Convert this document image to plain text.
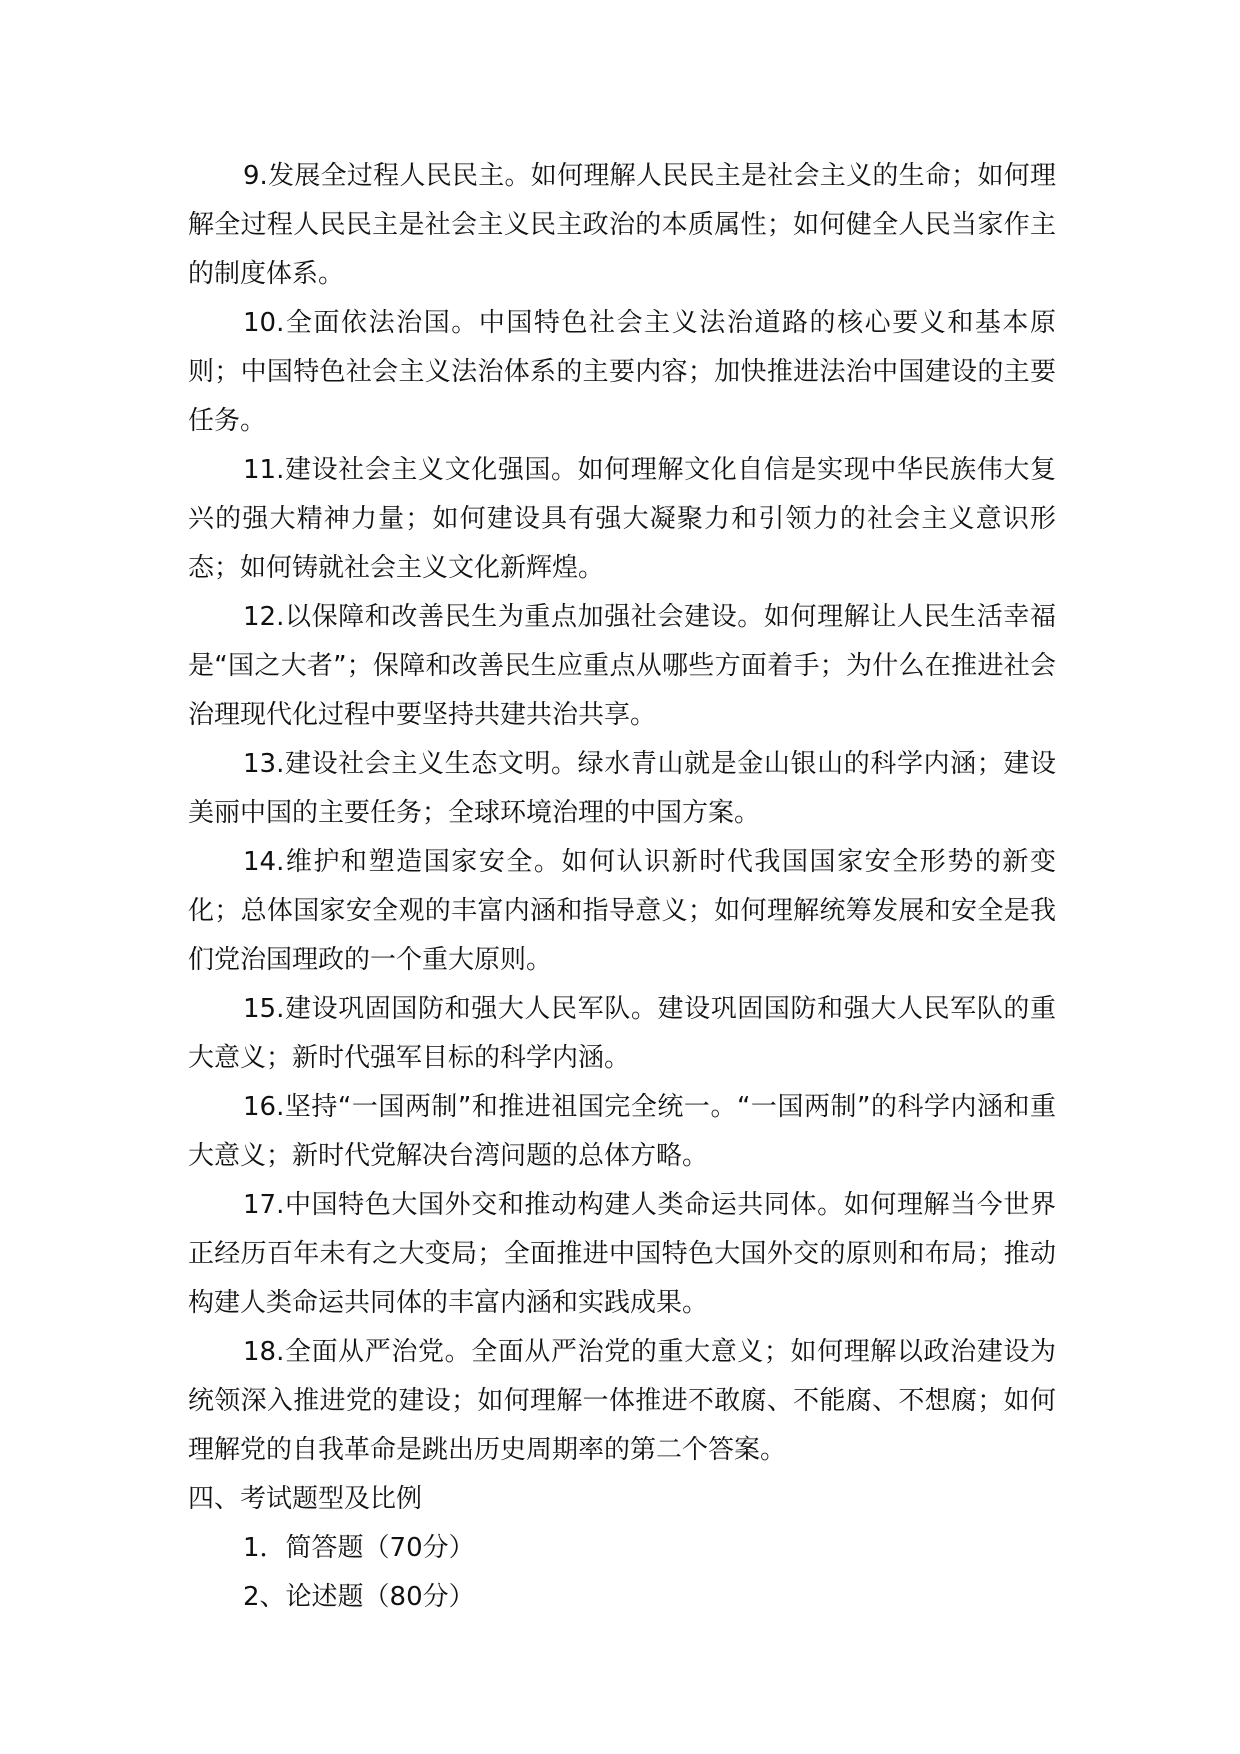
9.发展全过程人民民主。如何理解人民民主是社会主义的生命；如何理解全过程人民民主是社会主义民主政治的本质属性；如何健全人民当家作主的制度体系。

10.全面依法治国。中国特色社会主义法治道路的核心要义和基本原则；中国特色社会主义法治体系的主要内容；加快推进法治中国建设的主要任务。

11.建设社会主义文化强国。如何理解文化自信是实现中华民族伟大复兴的强大精神力量；如何建设具有强大凝聚力和引领力的社会主义意识形态；如何铸就社会主义文化新辉煌。

12.以保障和改善民生为重点加强社会建设。如何理解让人民生活幸福是“国之大者”；保障和改善民生应重点从哪些方面着手；为什么在推进社会治理现代化过程中要坚持共建共治共享。

13.建设社会主义生态文明。绿水青山就是金山银山的科学内涵；建设美丽中国的主要任务；全球环境治理的中国方案。

14.维护和塑造国家安全。如何认识新时代我国国家安全形势的新变化；总体国家安全观的丰富内涵和指导意义；如何理解统筹发展和安全是我们党治国理政的一个重大原则。

15.建设巩固国防和强大人民军队。建设巩固国防和强大人民军队的重大意义；新时代强军目标的科学内涵。

16.坚持“一国两制”和推进祖国完全统一。“一国两制”的科学内涵和重大意义；新时代党解决台湾问题的总体方略。

17.中国特色大国外交和推动构建人类命运共同体。如何理解当今世界正经历百年未有之大变局；全面推进中国特色大国外交的原则和布局；推动构建人类命运共同体的丰富内涵和实践成果。

18.全面从严治党。全面从严治党的重大意义；如何理解以政治建设为统领深入推进党的建设；如何理解一体推进不敢腐、不能腐、不想腐；如何理解党的自我革命是跳出历史周期率的第二个答案。

四、考试题型及比例

1．简答题（70分）

2、论述题（80分）
